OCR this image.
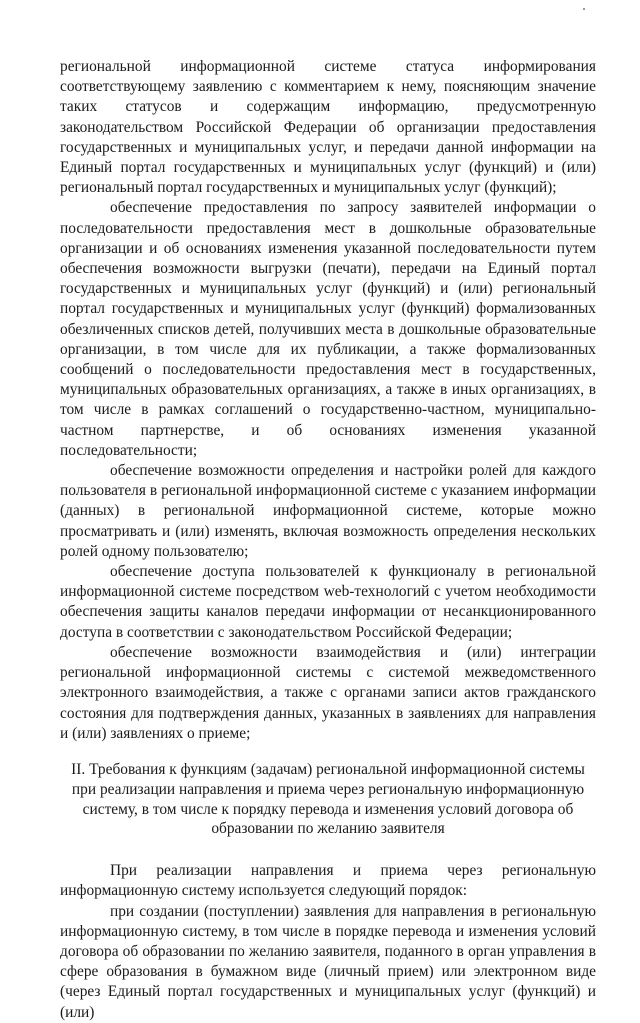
региональной информационной системе статуса информирования соответствующему заявлению с комментарием к нему, поясняющим значение таких статусов и содержащим информацию, предусмотренную законодательством Российской Федерации об организации предоставления государственных и муниципальных услуг, и передачи данной информации на Единый портал государственных и муниципальных услуг (функций) и (или) региональный портал государственных и муниципальных услуг (функций);

обеспечение предоставления по запросу заявителей информации о последовательности предоставления мест в дошкольные образовательные организации и об основаниях изменения указанной последовательности путем обеспечения возможности выгрузки (печати), передачи на Единый портал государственных и муниципальных услуг (функций) и (или) региональный портал государственных и муниципальных услуг (функций) формализованных обезличенных списков детей, получивших места в дошкольные образовательные организации, в том числе для их публикации, а также формализованных сообщений о последовательности предоставления мест в государственных, муниципальных образовательных организациях, а также в иных организациях, в том числе в рамках соглашений о государственно-частном, муниципально-частном партнерстве, и об основаниях изменения указанной последовательности;

обеспечение возможности определения и настройки ролей для каждого пользователя в региональной информационной системе с указанием информации (данных) в региональной информационной системе, которые можно просматривать и (или) изменять, включая возможность определения нескольких ролей одному пользователю;

обеспечение доступа пользователей к функционалу в региональной информационной системе посредством web-технологий с учетом необходимости обеспечения защиты каналов передачи информации от несанкционированного доступа в соответствии с законодательством Российской Федерации;

обеспечение возможности взаимодействия и (или) интеграции региональной информационной системы с системой межведомственного электронного взаимодействия, а также с органами записи актов гражданского состояния для подтверждения данных, указанных в заявлениях для направления и (или) заявлениях о приеме;

II. Требования к функциям (задачам) региональной информационной системы при реализации направления и приема через региональную информационную систему, в том числе к порядку перевода и изменения условий договора об образовании по желанию заявителя

При реализации направления и приема через региональную информационную систему используется следующий порядок:

при создании (поступлении) заявления для направления в региональную информационную систему, в том числе в порядке перевода и изменения условий договора об образовании по желанию заявителя, поданного в орган управления в сфере образования в бумажном виде (личный прием) или электронном виде (через Единый портал государственных и муниципальных услуг (функций) и (или)
